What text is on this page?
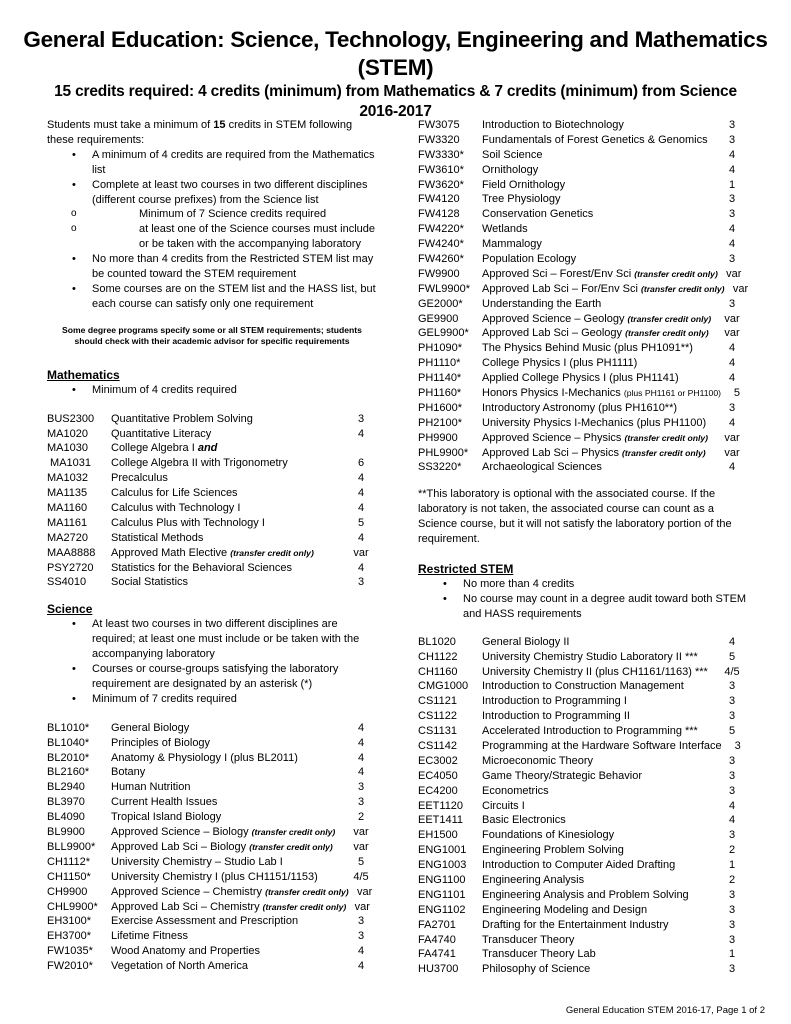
General Education: Science, Technology, Engineering and Mathematics (STEM)
15 credits required: 4 credits (minimum) from Mathematics & 7 credits (minimum) from Science
2016-2017
Students must take a minimum of 15 credits in STEM following these requirements:
• A minimum of 4 credits are required from the Mathematics list
• Complete at least two courses in two different disciplines (different course prefixes) from the Science list
o Minimum of 7 Science credits required
o at least one of the Science courses must include or be taken with the accompanying laboratory
• No more than 4 credits from the Restricted STEM list may be counted toward the STEM requirement
• Some courses are on the STEM list and the HASS list, but each course can satisfy only one requirement
Some degree programs specify some or all STEM requirements; students should check with their academic advisor for specific requirements
Mathematics
• Minimum of 4 credits required
BUS2300	Quantitative Problem Solving	3
MA1020	Quantitative Literacy	4
MA1030	College Algebra I and
MA1031	College Algebra II with Trigonometry	6
MA1032	Precalculus	4
MA1135	Calculus for Life Sciences	4
MA1160	Calculus with Technology I	4
MA1161	Calculus Plus with Technology I	5
MA2720	Statistical Methods	4
MAA8888	Approved Math Elective (transfer credit only)	var
PSY2720	Statistics for the Behavioral Sciences	4
SS4010	Social Statistics	3
Science
• At least two courses in two different disciplines are required; at least one must include or be taken with the accompanying laboratory
• Courses or course-groups satisfying the laboratory requirement are designated by an asterisk (*)
• Minimum of 7 credits required
BL1010*	General Biology	4
BL1040*	Principles of Biology	4
BL2010*	Anatomy & Physiology I (plus BL2011)	4
BL2160*	Botany	4
BL2940	Human Nutrition	3
BL3970	Current Health Issues	3
BL4090	Tropical Island Biology	2
BL9900	Approved Science – Biology (transfer credit only)	var
BLL9900*	Approved Lab Sci – Biology (transfer credit only)	var
CH1112*	University Chemistry – Studio Lab I	5
CH1150*	University Chemistry I (plus CH1151/1153)	4/5
CH9900	Approved Science – Chemistry (transfer credit only) var
CHL9900*	Approved Lab Sci – Chemistry (transfer credit only) var
EH3100*	Exercise Assessment and Prescription	3
EH3700*	Lifetime Fitness	3
FW1035*	Wood Anatomy and Properties	4
FW2010*	Vegetation of North America	4
FW3075	Introduction to Biotechnology	3
FW3320	Fundamentals of Forest Genetics & Genomics	3
FW3330*	Soil Science	4
FW3610*	Ornithology	4
FW3620*	Field Ornithology	1
FW4120	Tree Physiology	3
FW4128	Conservation Genetics	3
FW4220*	Wetlands	4
FW4240*	Mammalogy	4
FW4260*	Population Ecology	3
FW9900	Approved Sci – Forest/Env Sci (transfer credit only) var
FWL9900*	Approved Lab Sci – For/Env Sci (transfer credit only) var
GE2000*	Understanding the Earth	3
GE9900	Approved Science – Geology (transfer credit only)	var
GEL9900*	Approved Lab Sci – Geology (transfer credit only)	var
PH1090*	The Physics Behind Music (plus PH1091**)	4
PH1110*	College Physics I (plus PH1111)	4
PH1140*	Applied College Physics I (plus PH1141)	4
PH1160*	Honors Physics I-Mechanics (plus PH1161 or PH1100)	5
PH1600*	Introductory Astronomy (plus PH1610**)	3
PH2100*	University Physics I-Mechanics (plus PH1100)	4
PH9900	Approved Science – Physics (transfer credit only)	var
PHL9900*	Approved Lab Sci – Physics (transfer credit only)	var
SS3220*	Archaeological Sciences	4
**This laboratory is optional with the associated course. If the laboratory is not taken, the associated course can count as a Science course, but it will not satisfy the laboratory portion of the requirement.
Restricted STEM
• No more than 4 credits
• No course may count in a degree audit toward both STEM and HASS requirements
BL1020	General Biology II	4
CH1122	University Chemistry Studio Laboratory II ***	5
CH1160	University Chemistry II (plus CH1161/1163) ***	4/5
CMG1000	Introduction to Construction Management	3
CS1121	Introduction to Programming I	3
CS1122	Introduction to Programming II	3
CS1131	Accelerated Introduction to Programming ***	5
CS1142	Programming at the Hardware Software Interface	3
EC3002	Microeconomic Theory	3
EC4050	Game Theory/Strategic Behavior	3
EC4200	Econometrics	3
EET1120	Circuits I	4
EET1411	Basic Electronics	4
EH1500	Foundations of Kinesiology	3
ENG1001	Engineering Problem Solving	2
ENG1003	Introduction to Computer Aided Drafting	1
ENG1100	Engineering Analysis	2
ENG1101	Engineering Analysis and Problem Solving	3
ENG1102	Engineering Modeling and Design	3
FA2701	Drafting for the Entertainment Industry	3
FA4740	Transducer Theory	3
FA4741	Transducer Theory Lab	1
HU3700	Philosophy of Science	3
General Education STEM 2016-17, Page 1 of 2
